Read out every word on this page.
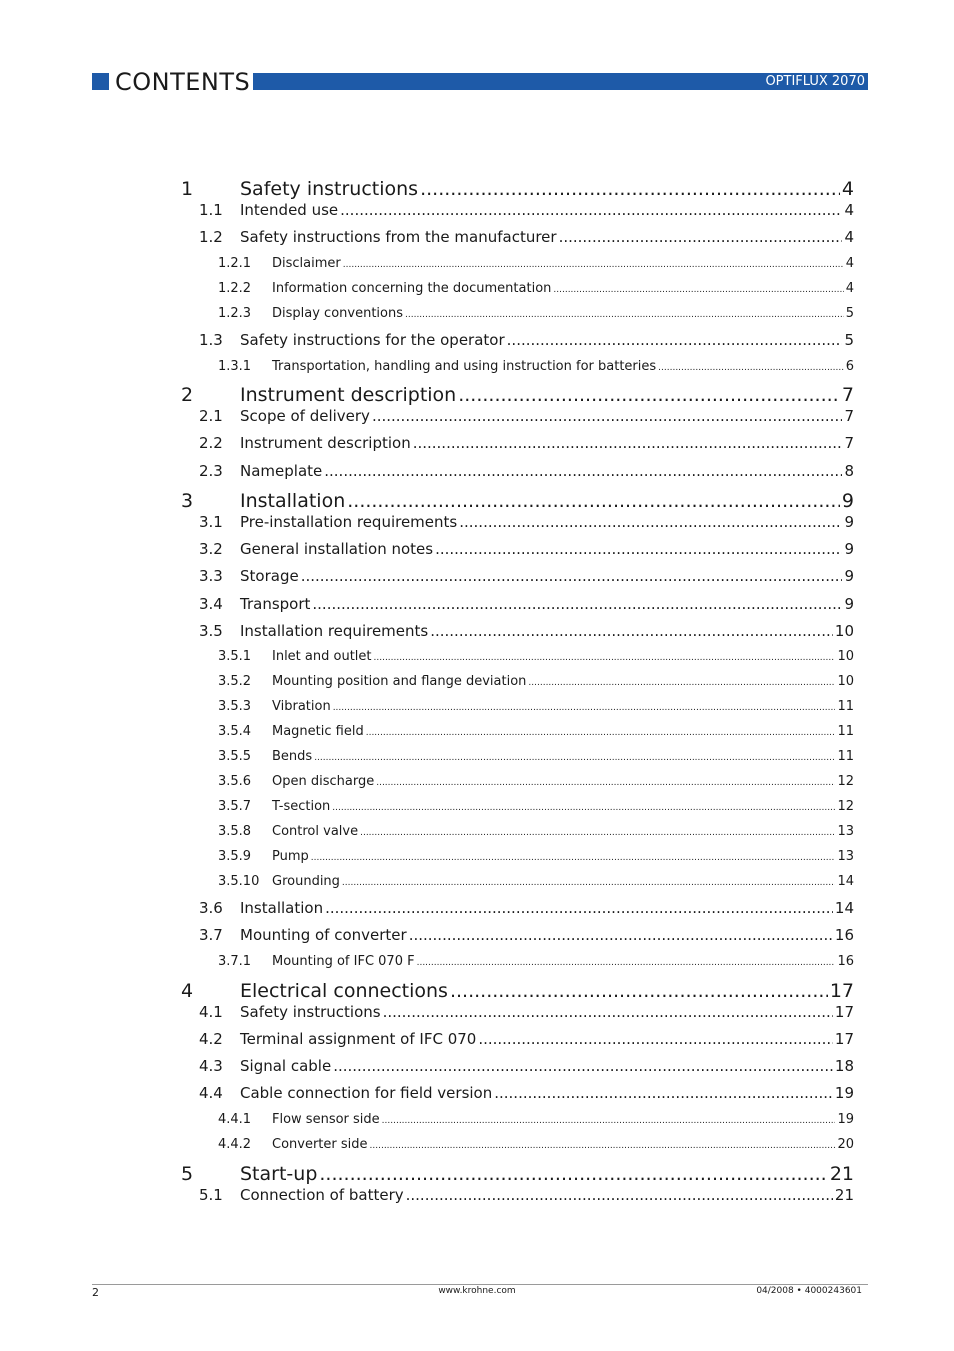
CONTENTS	OPTIFLUX 2070
1 Safety instructions .....	4
1.1 Intended use .....	4
1.2 Safety instructions from the manufacturer .....	4
1.2.1 Disclaimer .....	4
1.2.2 Information concerning the documentation .....	4
1.2.3 Display conventions .....	5
1.3 Safety instructions for the operator .....	5
1.3.1 Transportation, handling and using instruction for batteries .....	6
2 Instrument description .....	7
2.1 Scope of delivery .....	7
2.2 Instrument description .....	7
2.3 Nameplate .....	8
3 Installation .....	9
3.1 Pre-installation requirements .....	9
3.2 General installation notes .....	9
3.3 Storage .....	9
3.4 Transport .....	9
3.5 Installation requirements .....	10
3.5.1 Inlet and outlet .....	10
3.5.2 Mounting position and flange deviation .....	10
3.5.3 Vibration .....	11
3.5.4 Magnetic field .....	11
3.5.5 Bends .....	11
3.5.6 Open discharge .....	12
3.5.7 T-section .....	12
3.5.8 Control valve .....	13
3.5.9 Pump .....	13
3.5.10 Grounding .....	14
3.6 Installation .....	14
3.7 Mounting of converter .....	16
3.7.1 Mounting of IFC 070 F .....	16
4 Electrical connections .....	17
4.1 Safety instructions .....	17
4.2 Terminal assignment of IFC 070 .....	17
4.3 Signal cable .....	18
4.4 Cable connection for field version .....	19
4.4.1 Flow sensor side .....	19
4.4.2 Converter side .....	20
5 Start-up .....	21
5.1 Connection of battery .....	21
2	www.krohne.com	04/2008 • 4000243601
